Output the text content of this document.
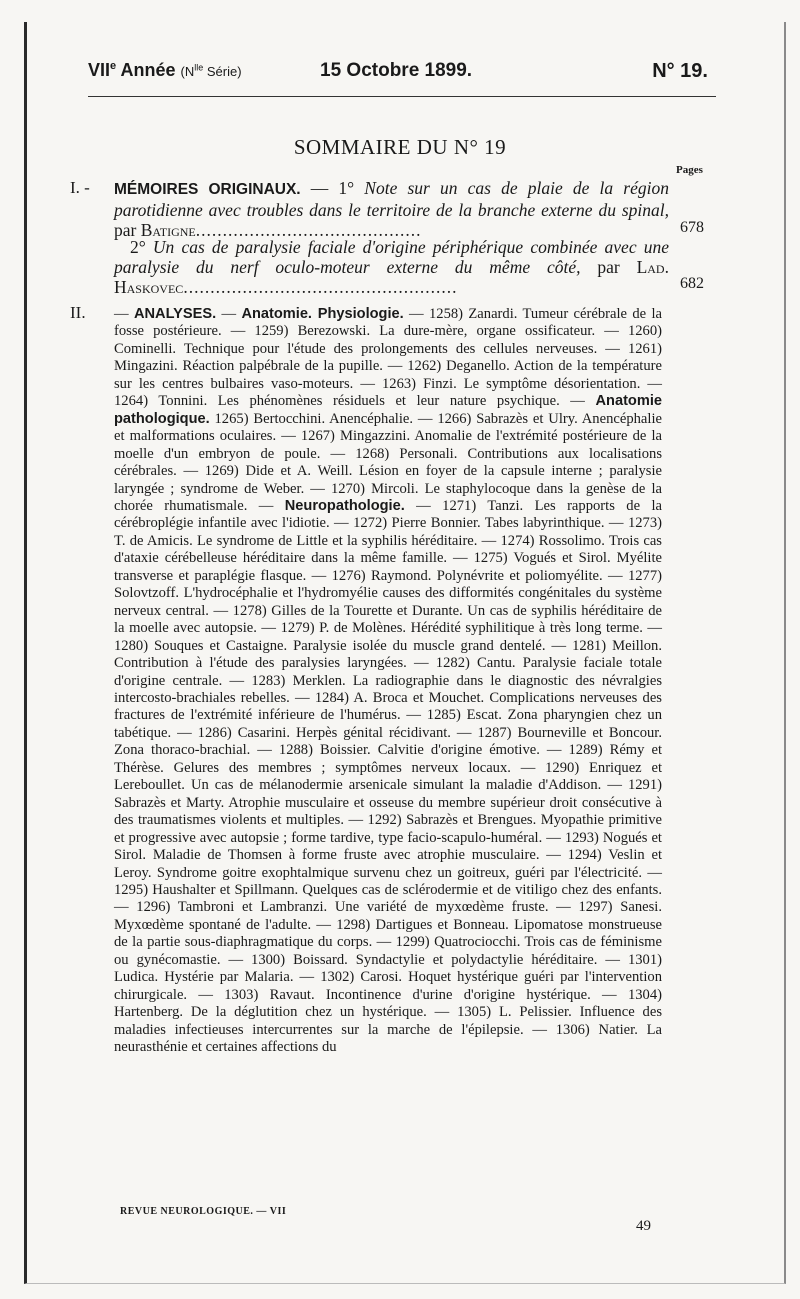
VIIe Année ($N^{lle}$ Série)	15 Octobre 1899.	N° 19.
SOMMAIRE DU N° 19
Pages
I. - MÉMOIRES ORIGINAUX. — 1° Note sur un cas de plaie de la région parotidienne avec troubles dans le territoire de la branche externe du spinal, par Batigne..........................................	678
2° Un cas de paralysie faciale d'origine périphérique combinée avec une paralysie du nerf oculo-moteur externe du même côté, par Lad. Haskovec...................................................	682
II. — ANALYSES. — Anatomie. Physiologie. — 1258) Zanardi. Tumeur cérébrale de la fosse postérieure. — 1259) Berezowski. La dure-mère, organe ossificateur. — 1260) Cominelli. Technique pour l'étude des prolongements des cellules nerveuses. — 1261) Mingazini. Réaction palpébrale de la pupille. — 1262) Deganello. Action de la température sur les centres bulbaires vaso-moteurs. — 1263) Finzi. Le symptôme désorientation. — 1264) Tonnini. Les phénomènes résiduels et leur nature psychique. — Anatomie pathologique. 1265) Bertocchini. Anencéphalie. — 1266) Sabrazès et Ulry. Anencéphalie et malformations oculaires. — 1267) Mingazzini. Anomalie de l'extrémité postérieure de la moelle d'un embryon de poule. — 1268) Personali. Contributions aux localisations cérébrales. — 1269) Dide et A. Weill. Lésion en foyer de la capsule interne ; paralysie laryngée ; syndrome de Weber. — 1270) Mircoli. Le staphylocoque dans la genèse de la chorée rhumatismale. — Neuropathologie. — 1271) Tanzi. Les rapports de la cérébroplégie infantile avec l'idiotie. — 1272) Pierre Bonnier. Tabes labyrinthique. — 1273) T. de Amicis. Le syndrome de Little et la syphilis héréditaire. — 1274) Rossolimo. Trois cas d'ataxie cérébelleuse héréditaire dans la même famille. — 1275) Vogués et Sirol. Myélite transverse et paraplégie flasque. — 1276) Raymond. Polynévrite et poliomyélite. — 1277) Solovtzoff. L'hydrocéphalie et l'hydromyélie causes des difformités congénitales du système nerveux central. — 1278) Gilles de la Tourette et Durante. Un cas de syphilis héréditaire de la moelle avec autopsie. — 1279) P. de Molènes. Hérédité syphilitique à très long terme. — 1280) Souques et Castaigne. Paralysie isolée du muscle grand dentelé. — 1281) Meillon. Contribution à l'étude des paralysies laryngées. — 1282) Cantu. Paralysie faciale totale d'origine centrale. — 1283) Merklen. La radiographie dans le diagnostic des névralgies intercosto-brachiales rebelles. — 1284) A. Broca et Mouchet. Complications nerveuses des fractures de l'extrémité inférieure de l'humérus. — 1285) Escat. Zona pharyngien chez un tabétique. — 1286) Casarini. Herpès génital récidivant. — 1287) Bourneville et Boncour. Zona thoraco-brachial. — 1288) Boissier. Calvitie d'origine émotive. — 1289) Rémy et Thérèse. Gelures des membres ; symptômes nerveux locaux. — 1290) Enriquez et Lereboullet. Un cas de mélanodermie arsenicale simulant la maladie d'Addison. — 1291) Sabrazès et Marty. Atrophie musculaire et osseuse du membre supérieur droit consécutive à des traumatismes violents et multiples. — 1292) Sabrazès et Brengues. Myopathie primitive et progressive avec autopsie ; forme tardive, type facio-scapulo-huméral. — 1293) Nogués et Sirol. Maladie de Thomsen à forme fruste avec atrophie musculaire. — 1294) Veslin et Leroy. Syndrome goitre exophtalmique survenu chez un goitreux, guéri par l'électricité. — 1295) Haushalter et Spillmann. Quelques cas de sclérodermie et de vitiligo chez des enfants. — 1296) Tambroni et Lambranzi. Une variété de myxœdème fruste. — 1297) Sanesi. Myxœdème spontané de l'adulte. — 1298) Dartigues et Bonneau. Lipomatose monstrueuse de la partie sous-diaphragmatique du corps. — 1299) Quatrociocchi. Trois cas de féminisme ou gynécomastie. — 1300) Boissard. Syndactylie et polydactylie héréditaire. — 1301) Ludica. Hystérie par Malaria. — 1302) Carosi. Hoquet hystérique guéri par l'intervention chirurgicale. — 1303) Ravaut. Incontinence d'urine d'origine hystérique. — 1304) Hartenberg. De la déglutition chez un hystérique. — 1305) L. Pelissier. Influence des maladies infectieuses intercurrentes sur la marche de l'épilepsie. — 1306) Natier. La neurasthénie et certaines affections du

REVUE NEUROLOGIQUE. — VII
49
